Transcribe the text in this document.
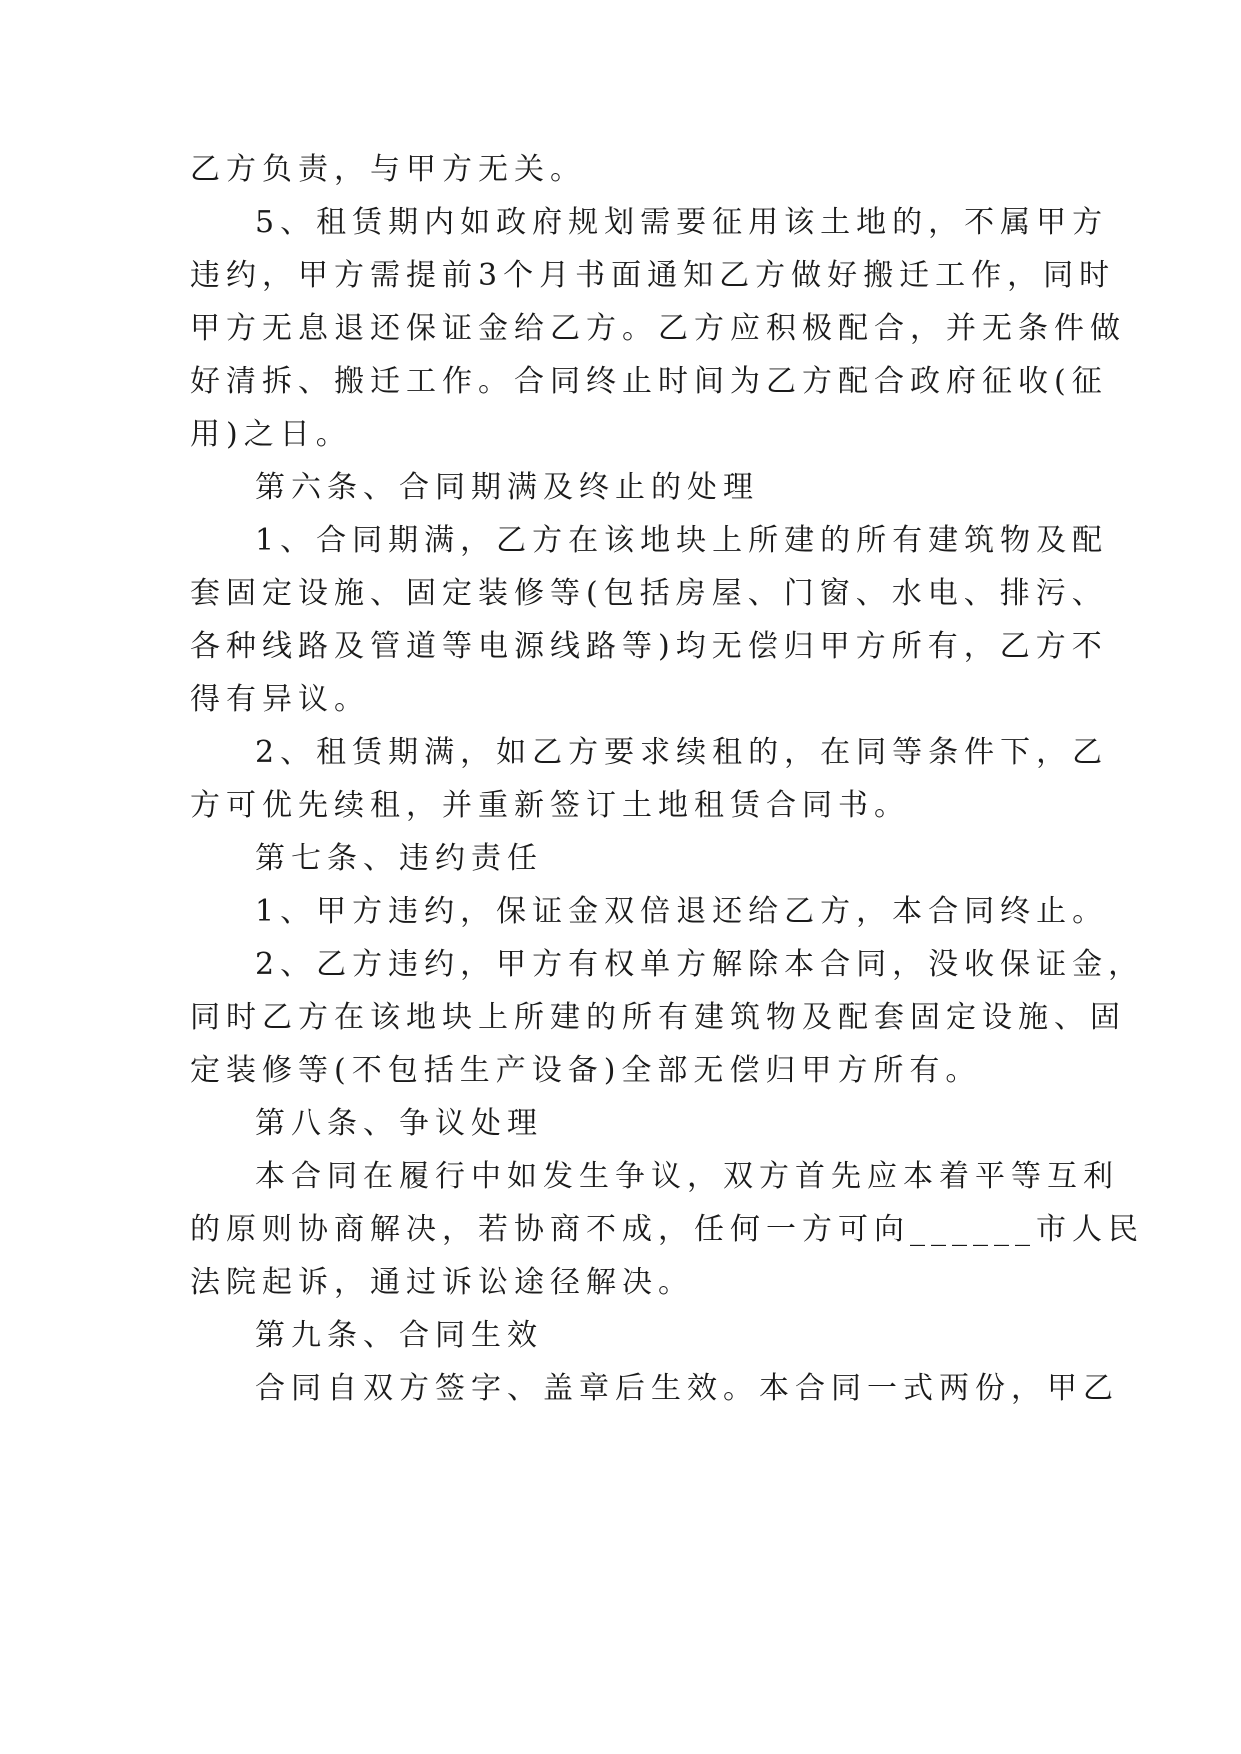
乙方负责，与甲方无关。
5、租赁期内如政府规划需要征用该土地的，不属甲方
违约，甲方需提前3个月书面通知乙方做好搬迁工作，同时
甲方无息退还保证金给乙方。乙方应积极配合，并无条件做
好清拆、搬迁工作。合同终止时间为乙方配合政府征收(征
用)之日。
第六条、合同期满及终止的处理
1、合同期满，乙方在该地块上所建的所有建筑物及配
套固定设施、固定装修等(包括房屋、门窗、水电、排污、
各种线路及管道等电源线路等)均无偿归甲方所有，乙方不
得有异议。
2、租赁期满，如乙方要求续租的，在同等条件下，乙
方可优先续租，并重新签订土地租赁合同书。
第七条、违约责任
1、甲方违约，保证金双倍退还给乙方，本合同终止。
2、乙方违约，甲方有权单方解除本合同，没收保证金，
同时乙方在该地块上所建的所有建筑物及配套固定设施、固
定装修等(不包括生产设备)全部无偿归甲方所有。
第八条、争议处理
本合同在履行中如发生争议，双方首先应本着平等互利
的原则协商解决，若协商不成，任何一方可向______市人民
法院起诉，通过诉讼途径解决。
第九条、合同生效
合同自双方签字、盖章后生效。本合同一式两份，甲乙
